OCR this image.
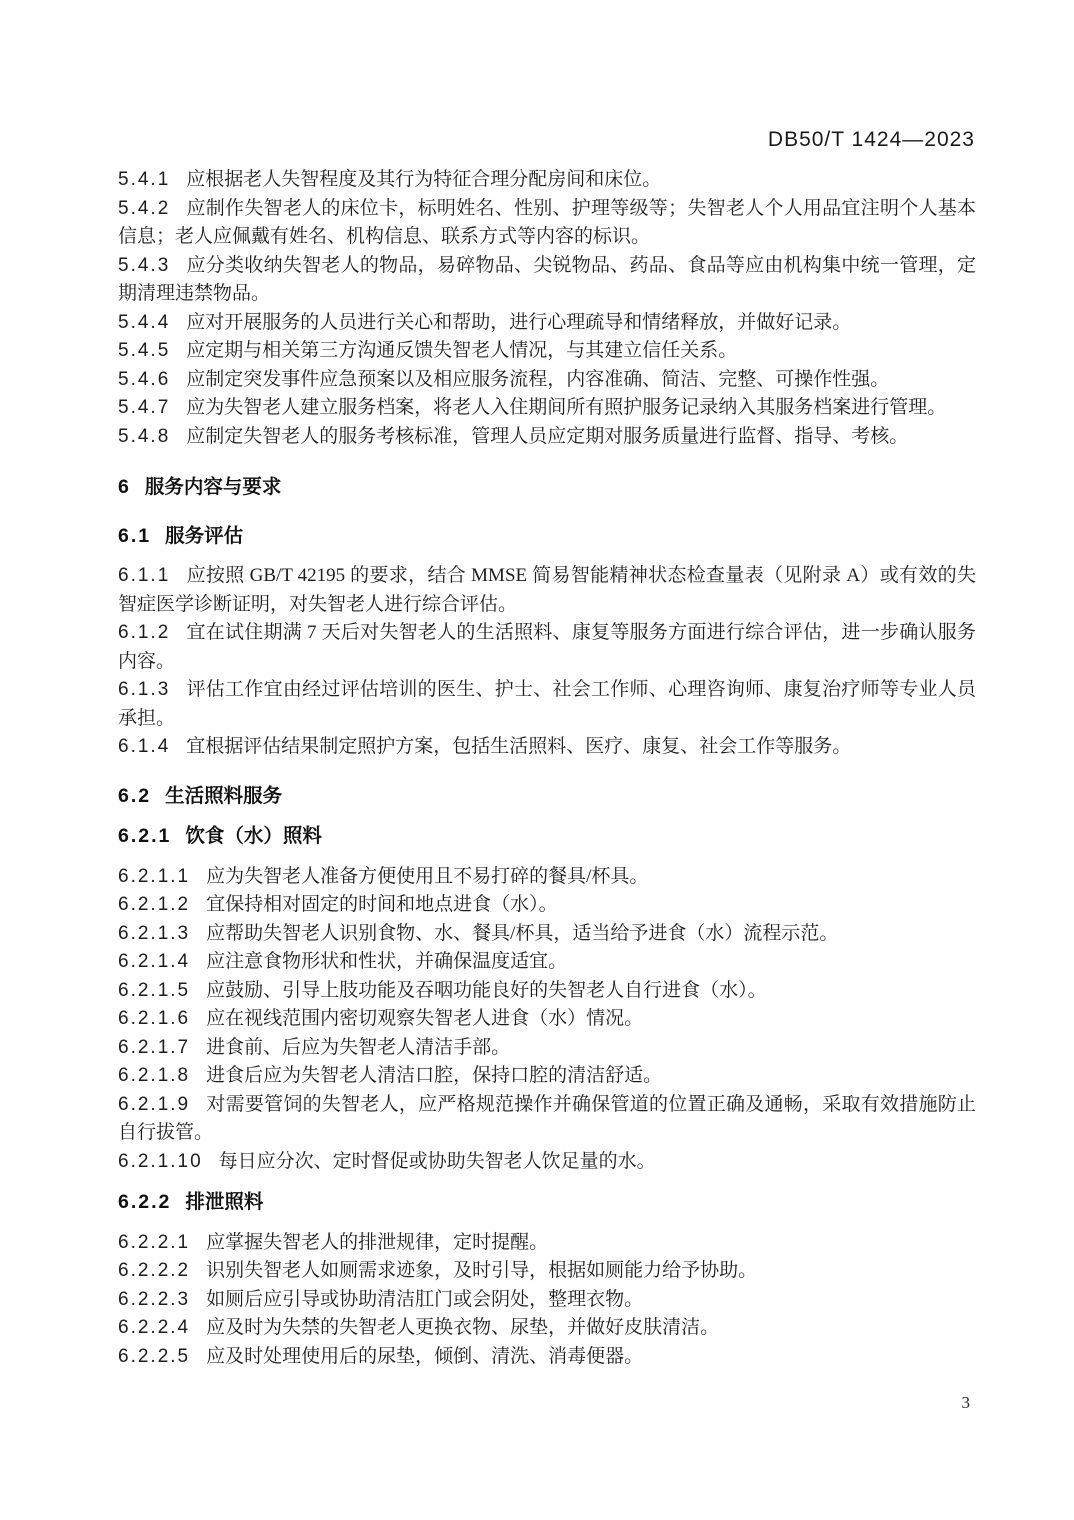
DB50/T 1424—2023

5.4.1 应根据老人失智程度及其行为特征合理分配房间和床位。

5.4.2 应制作失智老人的床位卡，标明姓名、性别、护理等级等；失智老人个人用品宜注明个人基本信息；老人应佩戴有姓名、机构信息、联系方式等内容的标识。

5.4.3 应分类收纳失智老人的物品，易碎物品、尖锐物品、药品、食品等应由机构集中统一管理，定期清理违禁物品。

5.4.4 应对开展服务的人员进行关心和帮助，进行心理疏导和情绪释放，并做好记录。

5.4.5 应定期与相关第三方沟通反馈失智老人情况，与其建立信任关系。

5.4.6 应制定突发事件应急预案以及相应服务流程，内容准确、简洁、完整、可操作性强。

5.4.7 应为失智老人建立服务档案，将老人入住期间所有照护服务记录纳入其服务档案进行管理。

5.4.8 应制定失智老人的服务考核标准，管理人员应定期对服务质量进行监督、指导、考核。

6 服务内容与要求
6.1 服务评估

6.1.1 应按照 GB/T 42195 的要求，结合 MMSE 简易智能精神状态检查量表（见附录 A）或有效的失智症医学诊断证明，对失智老人进行综合评估。

6.1.2 宜在试住期满 7 天后对失智老人的生活照料、康复等服务方面进行综合评估，进一步确认服务内容。

6.1.3 评估工作宜由经过评估培训的医生、护士、社会工作师、心理咨询师、康复治疗师等专业人员承担。

6.1.4 宜根据评估结果制定照护方案，包括生活照料、医疗、康复、社会工作等服务。

6.2 生活照料服务
6.2.1 饮食（水）照料

6.2.1.1 应为失智老人准备方便使用且不易打碎的餐具/杯具。

6.2.1.2 宜保持相对固定的时间和地点进食（水）。

6.2.1.3 应帮助失智老人识别食物、水、餐具/杯具，适当给予进食（水）流程示范。

6.2.1.4 应注意食物形状和性状，并确保温度适宜。

6.2.1.5 应鼓励、引导上肢功能及吞咽功能良好的失智老人自行进食（水）。

6.2.1.6 应在视线范围内密切观察失智老人进食（水）情况。

6.2.1.7 进食前、后应为失智老人清洁手部。

6.2.1.8 进食后应为失智老人清洁口腔，保持口腔的清洁舒适。

6.2.1.9 对需要管饲的失智老人，应严格规范操作并确保管道的位置正确及通畅，采取有效措施防止自行拔管。

6.2.1.10 每日应分次、定时督促或协助失智老人饮足量的水。

6.2.2 排泄照料

6.2.2.1 应掌握失智老人的排泄规律，定时提醒。

6.2.2.2 识别失智老人如厕需求迹象，及时引导，根据如厕能力给予协助。

6.2.2.3 如厕后应引导或协助清洁肛门或会阴处，整理衣物。

6.2.2.4 应及时为失禁的失智老人更换衣物、尿垫，并做好皮肤清洁。

6.2.2.5 应及时处理使用后的尿垫，倾倒、清洗、消毒便器。

3
